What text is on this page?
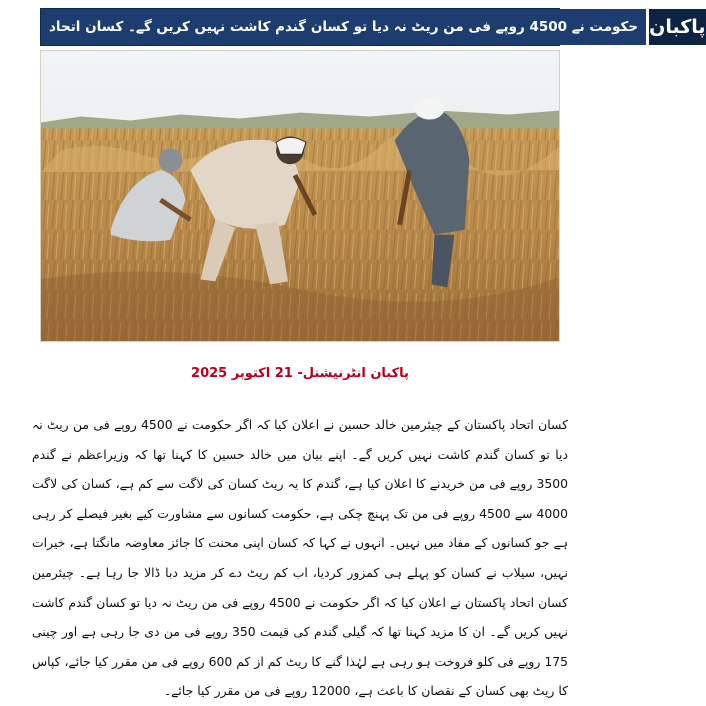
حکومت نے 4500 روپے فی من ریٹ نہ دیا تو کسان گندم کاشت نہیں کریں گے۔ کسان اتحاد پاکبان
پاکبان انٹرنیشنل- 21 اکتوبر 2025
کسان اتحاد پاکستان کے چیئرمین خالد حسین نے اعلان کیا کہ اگر حکومت نے 4500 روپے فی من ریٹ نہ دیا تو کسان گندم کاشت نہیں کریں گے۔ اپنے بیان میں خالد حسین کا کہنا تھا کہ وزیراعظم نے گندم 3500 روپے فی من خریدنے کا اعلان کیا ہے، گندم کا یہ ریٹ کسان کی لاگت سے کم ہے، کسان کی لاگت 4000 سے 4500 روپے فی من تک پہنچ چکی ہے، حکومت کسانوں سے مشاورت کیے بغیر فیصلے کر رہی ہے جو کسانوں کے مفاد میں نہیں۔ انہوں نے کہا کہ کسان اپنی محنت کا جائز معاوضہ مانگتا ہے، خیرات نہیں، سیلاب نے کسان کو پہلے ہی کمزور کردیا، اب کم ریٹ دے کر مزید دبا ڈالا جا رہا ہے۔ چیئرمین کسان اتحاد پاکستان نے اعلان کیا کہ اگر حکومت نے 4500 روپے فی من ریٹ نہ دیا تو کسان گندم کاشت نہیں کریں گے۔ ان کا مزید کہنا تھا کہ گیلی گندم کی قیمت 350 روپے فی من دی جا رہی ہے اور چینی 175 روپے فی کلو فروخت ہو رہی ہے لہٰذا گنے کا ریٹ کم از کم 600 روپے فی من مقرر کیا جائے، کپاس کا ریٹ بھی کسان کے نقصان کا باعث ہے، 12000 روپے فی من مقرر کیا جائے۔
